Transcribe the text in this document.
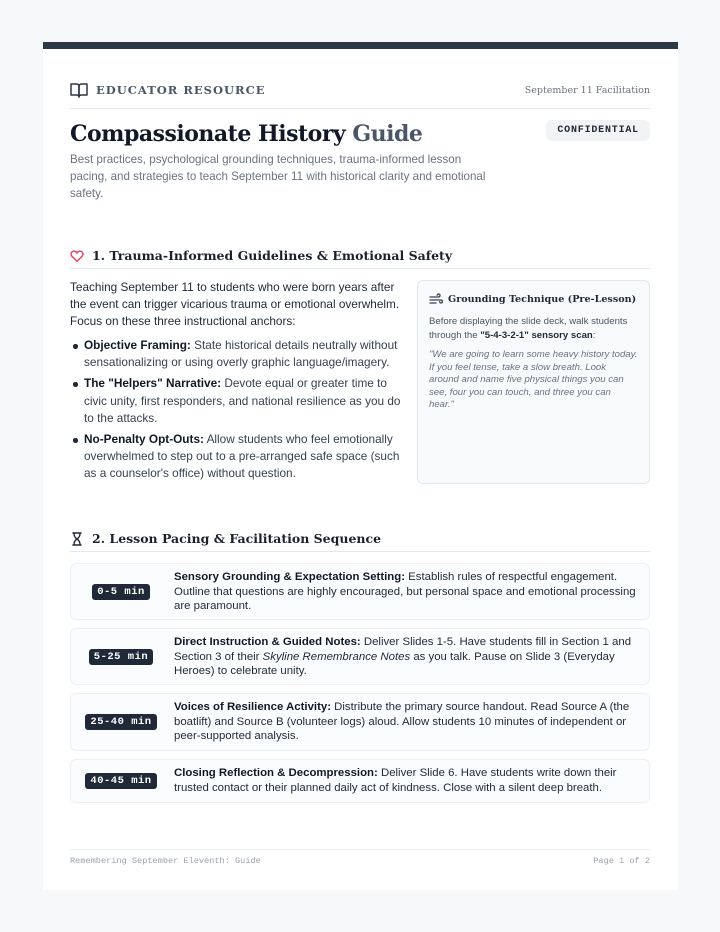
EDUCATOR RESOURCE	September 11 Facilitation
Compassionate History Guide	CONFIDENTIAL

Best practices, psychological grounding techniques, trauma-informed lesson pacing, and strategies to teach September 11 with historical clarity and emotional safety.

1. Trauma-Informed Guidelines & Emotional Safety

Teaching September 11 to students who were born years after the event can trigger vicarious trauma or emotional overwhelm. Focus on these three instructional anchors:

Objective Framing: State historical details neutrally without sensationalizing or using overly graphic language/imagery.
The "Helpers" Narrative: Devote equal or greater time to civic unity, first responders, and national resilience as you do to the attacks.
No-Penalty Opt-Outs: Allow students who feel emotionally overwhelmed to step out to a pre-arranged safe space (such as a counselor's office) without question.
Grounding Technique (Pre-Lesson)

Before displaying the slide deck, walk students through the "5-4-3-2-1" sensory scan:

"We are going to learn some heavy history today. If you feel tense, take a slow breath. Look around and name five physical things you can see, four you can touch, and three you can hear."

2. Lesson Pacing & Facilitation Sequence
0-5 min

Sensory Grounding & Expectation Setting: Establish rules of respectful engagement. Outline that questions are highly encouraged, but personal space and emotional processing are paramount.

5-25 min

Direct Instruction & Guided Notes: Deliver Slides 1-5. Have students fill in Section 1 and Section 3 of their Skyline Remembrance Notes as you talk. Pause on Slide 3 (Everyday Heroes) to celebrate unity.

25-40 min

Voices of Resilience Activity: Distribute the primary source handout. Read Source A (the boatlift) and Source B (volunteer logs) aloud. Allow students 10 minutes of independent or peer-supported analysis.

40-45 min

Closing Reflection & Decompression: Deliver Slide 6. Have students write down their trusted contact or their planned daily act of kindness. Close with a silent deep breath.

Remembering September Eleventh: Guide	Page 1 of 2
